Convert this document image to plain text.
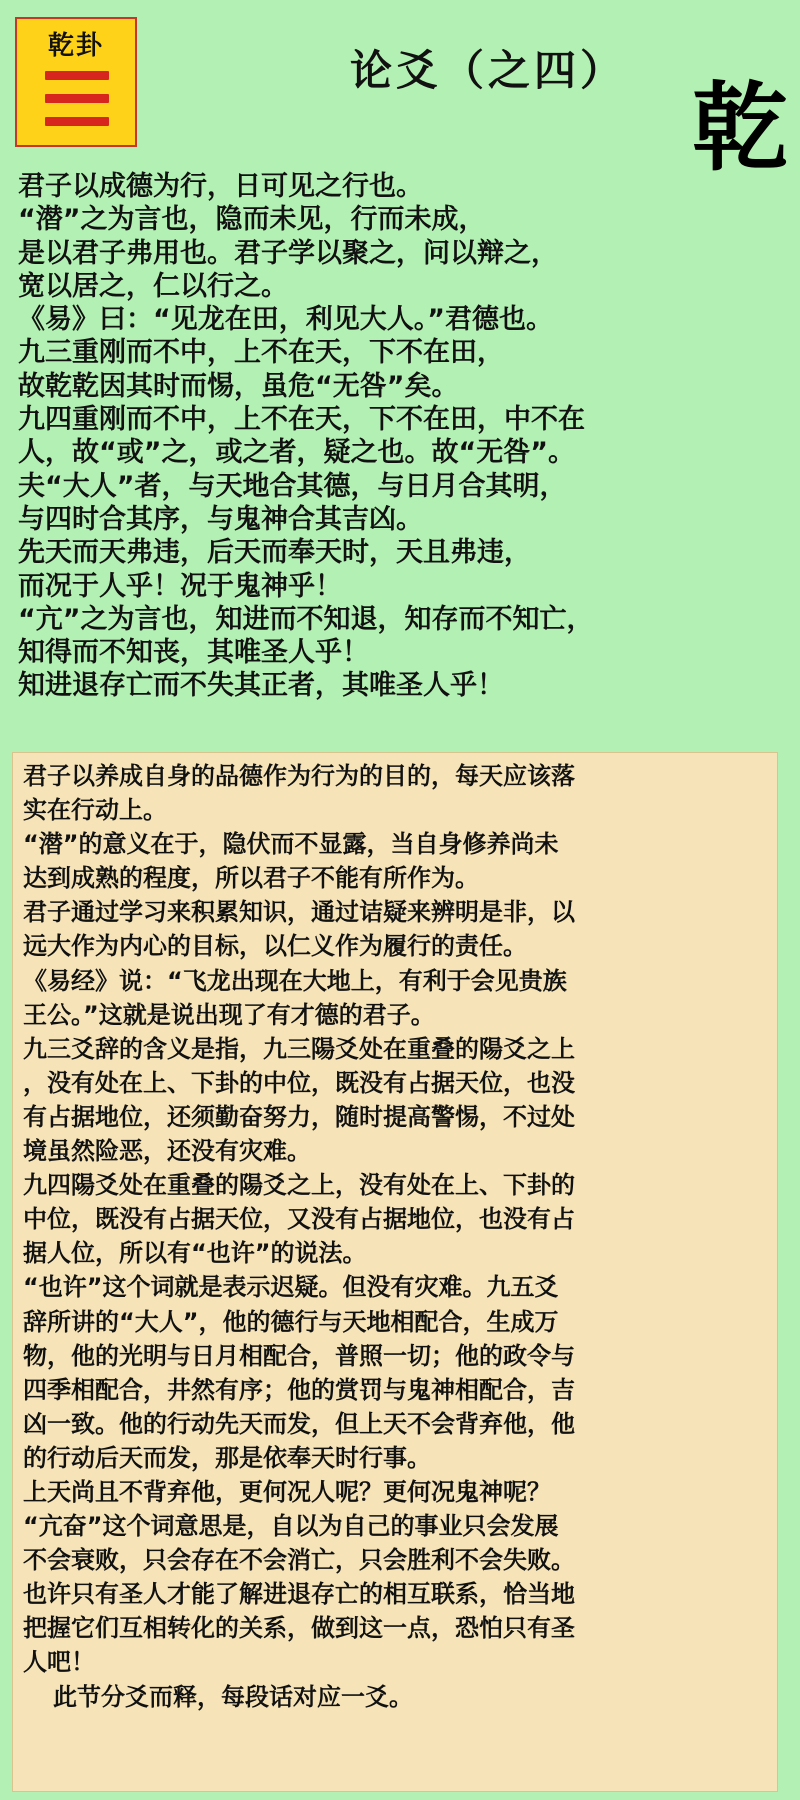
乾卦	论爻（之四）
乾
君子以成德为行，日可见之行也。
“潜”之为言也，隐而未见，行而未成，
是以君子弗用也。君子学以聚之，问以辩之，
宽以居之，仁以行之。
《易》曰：“见龙在田，利见大人。”君德也。
九三重刚而不中，上不在天，下不在田，
故乾乾因其时而惕，虽危“无咎”矣。
九四重刚而不中，上不在天，下不在田，中不在
人，故“或”之，或之者，疑之也。故“无咎”。
夫“大人”者，与天地合其德，与日月合其明，
与四时合其序，与鬼神合其吉凶。
先天而天弗违，后天而奉天时，天且弗违，
而况于人乎！况于鬼神乎！
“亢”之为言也，知进而不知退，知存而不知亡，
知得而不知丧，其唯圣人乎！
知进退存亡而不失其正者，其唯圣人乎！
君子以养成自身的品德作为行为的目的，每天应该落
实在行动上。
“潜”的意义在于，隐伏而不显露，当自身修养尚未
达到成熟的程度，所以君子不能有所作为。
君子通过学习来积累知识，通过诘疑来辨明是非，以
远大作为内心的目标，以仁义作为履行的责任。
《易经》说：“飞龙出现在大地上，有利于会见贵族
王公。”这就是说出现了有才德的君子。
九三爻辞的含义是指，九三陽爻处在重叠的陽爻之上
，没有处在上、下卦的中位，既没有占据天位，也没
有占据地位，还须勤奋努力，随时提高警惕，不过处
境虽然险恶，还没有灾难。
九四陽爻处在重叠的陽爻之上，没有处在上、下卦的
中位，既没有占据天位，又没有占据地位，也没有占
据人位，所以有“也许”的说法。
“也许”这个词就是表示迟疑。但没有灾难。九五爻
辞所讲的“大人”，他的德行与天地相配合，生成万
物，他的光明与日月相配合，普照一切；他的政令与
四季相配合，井然有序；他的赏罚与鬼神相配合，吉
凶一致。他的行动先天而发，但上天不会背弃他，他
的行动后天而发，那是依奉天时行事。
上天尚且不背弃他，更何况人呢？更何况鬼神呢？
“亢奋”这个词意思是，自以为自己的事业只会发展
不会衰败，只会存在不会消亡，只会胜利不会失败。
也许只有圣人才能了解进退存亡的相互联系，恰当地
把握它们互相转化的关系，做到这一点，恐怕只有圣
人吧！
此节分爻而释，每段话对应一爻。
